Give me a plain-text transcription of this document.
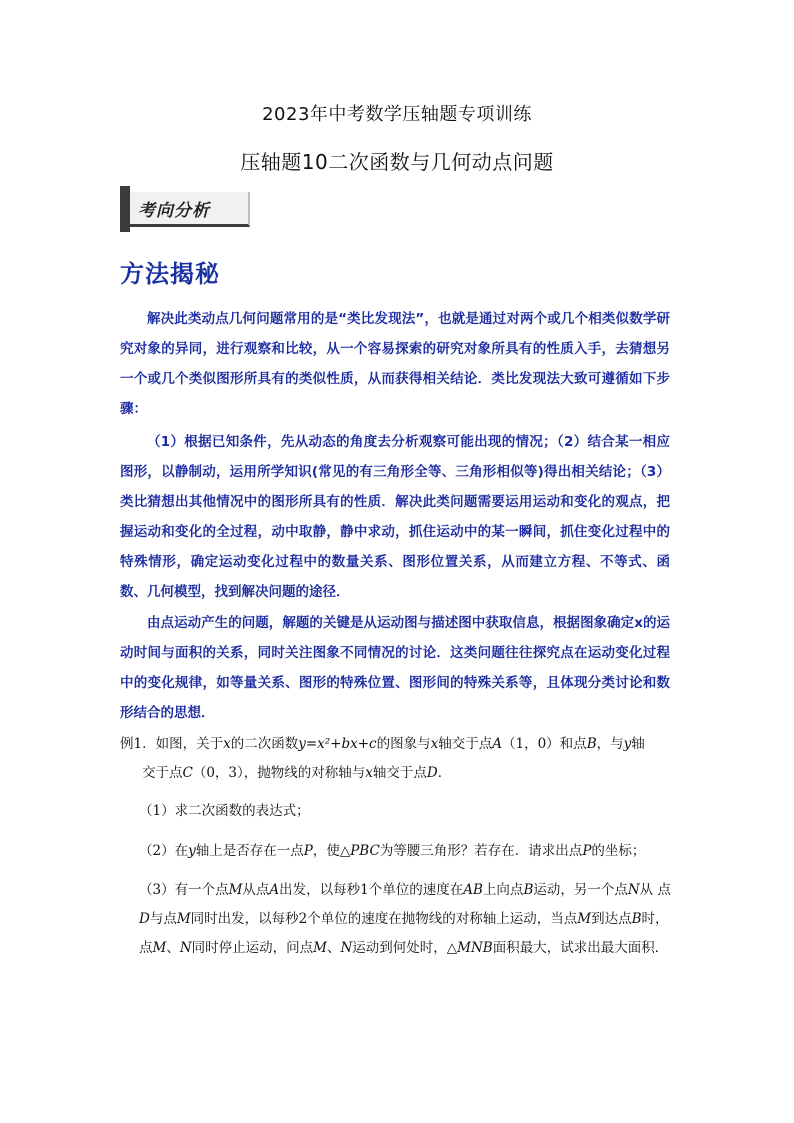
2023年中考数学压轴题专项训练
压轴题10二次函数与几何动点问题
考向分析
方法揭秘
解决此类动点几何问题常用的是“类比发现法”，也就是通过对两个或几个相类似数学研究对象的异同，进行观察和比较，从一个容易探索的研究对象所具有的性质入手，去猜想另一个或几个类似图形所具有的类似性质，从而获得相关结论．类比发现法大致可遵循如下步骤：
（1）根据已知条件，先从动态的角度去分析观察可能出现的情况；（2）结合某一相应图形，以静制动，运用所学知识(常见的有三角形全等、三角形相似等)得出相关结论；（3）类比猜想出其他情况中的图形所具有的性质．解决此类问题需要运用运动和变化的观点，把握运动和变化的全过程，动中取静，静中求动，抓住运动中的某一瞬间，抓住变化过程中的特殊情形，确定运动变化过程中的数量关系、图形位置关系，从而建立方程、不等式、函数、几何模型，找到解决问题的途径．
由点运动产生的问题，解题的关键是从运动图与描述图中获取信息，根据图象确定x的运动时间与面积的关系，同时关注图象不同情况的讨论．这类问题往往探究点在运动变化过程中的变化规律，如等量关系、图形的特殊位置、图形间的特殊关系等，且体现分类讨论和数形结合的思想．
例1．如图，关于x的二次函数y=x²+bx+c的图象与x轴交于点A（1，0）和点B，与y轴
交于点C（0，3），抛物线的对称轴与x轴交于点D．
（1）求二次函数的表达式；
（2）在y轴上是否存在一点P，使△PBC为等腰三角形？若存在．请求出点P的坐标；
（3）有一个点M从点A出发，以每秒1个单位的速度在AB上向点B运动，另一个点N从 点D与点M同时出发，以每秒2个单位的速度在抛物线的对称轴上运动，当点M到达点B时，点M、N同时停止运动，问点M、N运动到何处时，△MNB面积最大，试求出最大面积．
